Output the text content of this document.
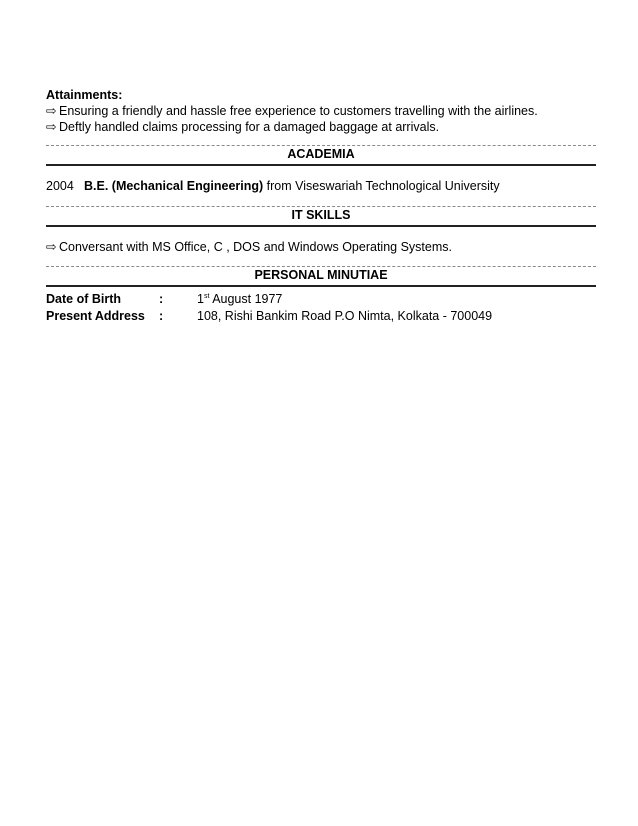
Attainments:
⇨ Ensuring a friendly and hassle free experience to customers travelling with the airlines.
⇨ Deftly handled claims processing for a damaged baggage at arrivals.
ACADEMIA
2004 B.E. (Mechanical Engineering) from Viseswariah Technological University
IT SKILLS
⇨ Conversant with MS Office, C , DOS and Windows Operating Systems.
PERSONAL MINUTIAE
Date of Birth	:	1st August 1977
Present Address	:	108, Rishi Bankim Road P.O Nimta, Kolkata - 700049
